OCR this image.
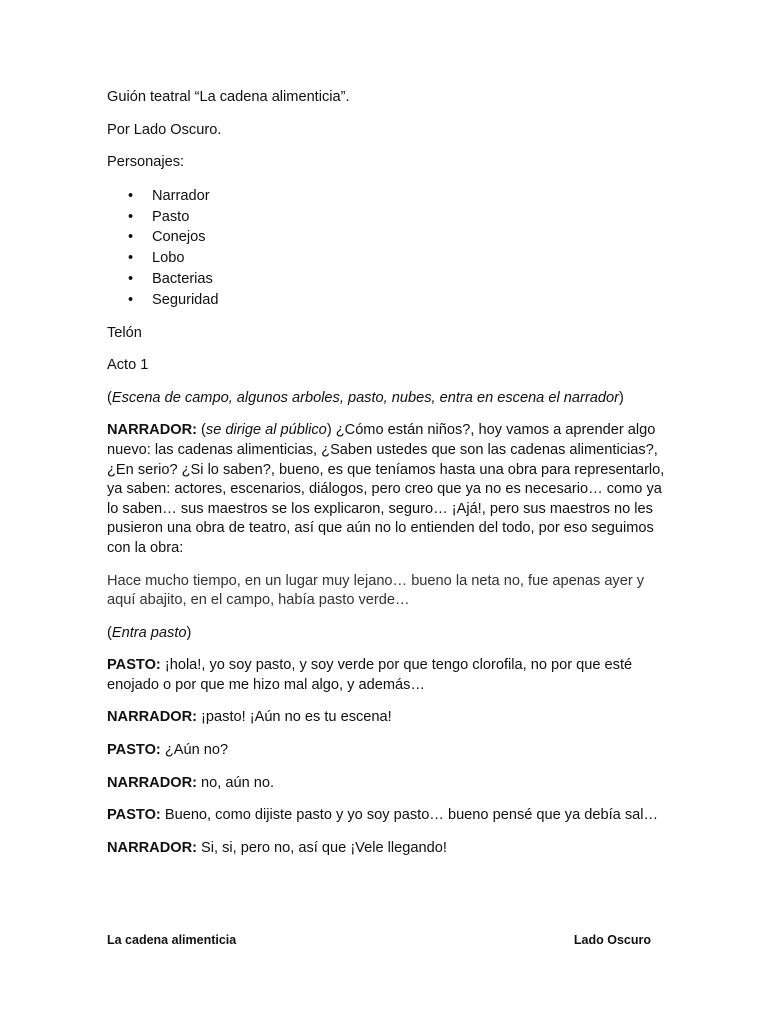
Guión teatral “La cadena alimenticia”.

Por Lado Oscuro.

Personajes:

• Narrador
• Pasto
• Conejos
• Lobo
• Bacterias
• Seguridad

Telón

Acto 1

(Escena de campo, algunos arboles, pasto, nubes, entra en escena el narrador)

NARRADOR: (se dirige al público) ¿Cómo están niños?, hoy vamos a aprender algo nuevo: las cadenas alimenticias, ¿Saben ustedes que son las cadenas alimenticias?, ¿En serio? ¿Si lo saben?, bueno, es que teníamos hasta una obra para representarlo, ya saben: actores, escenarios, diálogos, pero creo que ya no es necesario… como ya lo saben… sus maestros se los explicaron, seguro… ¡Ajá!, pero sus maestros no les pusieron una obra de teatro, así que aún no lo entienden del todo, por eso seguimos con la obra:

Hace mucho tiempo, en un lugar muy lejano… bueno la neta no, fue apenas ayer y aquí abajito, en el campo, había pasto verde…

(Entra pasto)

PASTO: ¡hola!, yo soy pasto, y soy verde por que tengo clorofila, no por que esté enojado o por que me hizo mal algo, y además…

NARRADOR: ¡pasto! ¡Aún no es tu escena!

PASTO: ¿Aún no?

NARRADOR: no, aún no.

PASTO: Bueno, como dijiste pasto y yo soy pasto… bueno pensé que ya debía sal…

NARRADOR: Si, si, pero no, así que ¡Vele llegando!

La cadena alimenticia	Lado Oscuro
